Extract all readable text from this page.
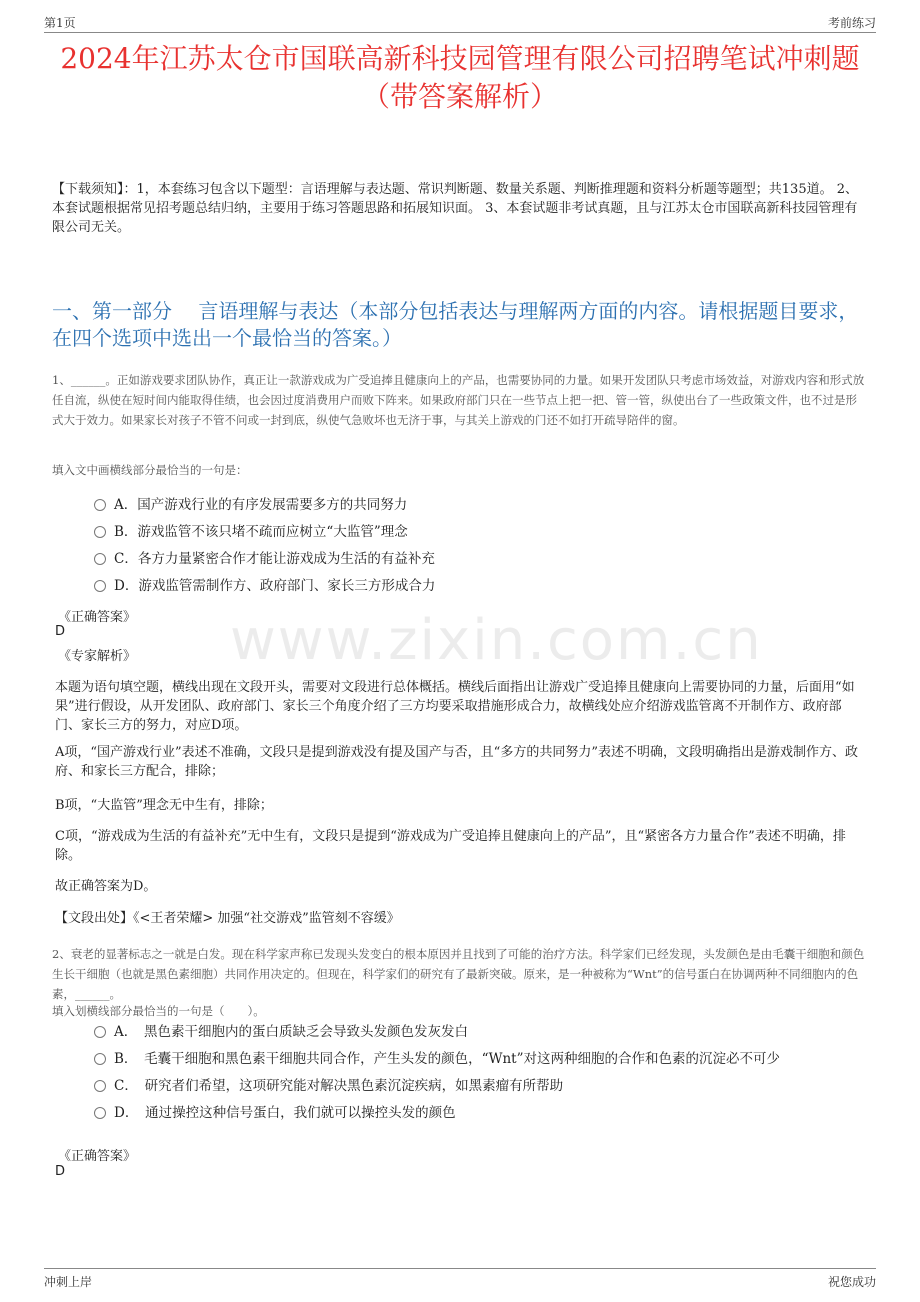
第1页	考前练习
2024年江苏太仓市国联高新科技园管理有限公司招聘笔试冲刺题（带答案解析）
【下载须知】：1，本套练习包含以下题型：言语理解与表达题、常识判断题、数量关系题、判断推理题和资料分析题等题型；共135道。 2、本套试题根据常见招考题总结归纳，主要用于练习答题思路和拓展知识面。 3、本套试题非考试真题，且与江苏太仓市国联高新科技园管理有限公司无关。
一、第一部分　 言语理解与表达（本部分包括表达与理解两方面的内容。请根据题目要求，在四个选项中选出一个最恰当的答案。）
www.zixin.com.cn
1、______。正如游戏要求团队协作，真正让一款游戏成为广受追捧且健康向上的产品，也需要协同的力量。如果开发团队只考虑市场效益，对游戏内容和形式放任自流，纵使在短时间内能取得佳绩，也会因过度消费用户而败下阵来。如果政府部门只在一些节点上把一把、管一管，纵使出台了一些政策文件，也不过是形式大于效力。如果家长对孩子不管不问或一封到底，纵使气急败坏也无济于事，与其关上游戏的门还不如打开疏导陪伴的窗。
填入文中画横线部分最恰当的一句是：
A．国产游戏行业的有序发展需要多方的共同努力
B．游戏监管不该只堵不疏而应树立“大监管”理念
C．各方力量紧密合作才能让游戏成为生活的有益补充
D．游戏监管需制作方、政府部门、家长三方形成合力
《正确答案》
D
《专家解析》
本题为语句填空题，横线出现在文段开头，需要对文段进行总体概括。横线后面指出让游戏广受追捧且健康向上需要协同的力量，后面用“如果”进行假设，从开发团队、政府部门、家长三个角度介绍了三方均要采取措施形成合力，故横线处应介绍游戏监管离不开制作方、政府部门、家长三方的努力，对应D项。
A项，“国产游戏行业”表述不准确，文段只是提到游戏没有提及国产与否，且“多方的共同努力”表述不明确，文段明确指出是游戏制作方、政府、和家长三方配合，排除；
B项，“大监管”理念无中生有，排除；
C项，“游戏成为生活的有益补充”无中生有，文段只是提到“游戏成为广受追捧且健康向上的产品”，且“紧密各方力量合作”表述不明确，排除。
故正确答案为D。
【文段出处】《<王者荣耀> 加强“社交游戏”监管刻不容缓》
2、衰老的显著标志之一就是白发。现在科学家声称已发现头发变白的根本原因并且找到了可能的治疗方法。科学家们已经发现，头发颜色是由毛囊干细胞和颜色生长干细胞（也就是黑色素细胞）共同作用决定的。但现在，科学家们的研究有了最新突破。原来，是一种被称为“Wnt”的信号蛋白在协调两种不同细胞内的色素，______。
填入划横线部分最恰当的一句是（　　）。
A．　黑色素干细胞内的蛋白质缺乏会导致头发颜色发灰发白
B．　毛囊干细胞和黑色素干细胞共同合作，产生头发的颜色，“Wnt”对这两种细胞的合作和色素的沉淀必不可少
C．　研究者们希望，这项研究能对解决黑色素沉淀疾病，如黑素瘤有所帮助
D．　通过操控这种信号蛋白，我们就可以操控头发的颜色
《正确答案》
D
冲刺上岸	祝您成功
